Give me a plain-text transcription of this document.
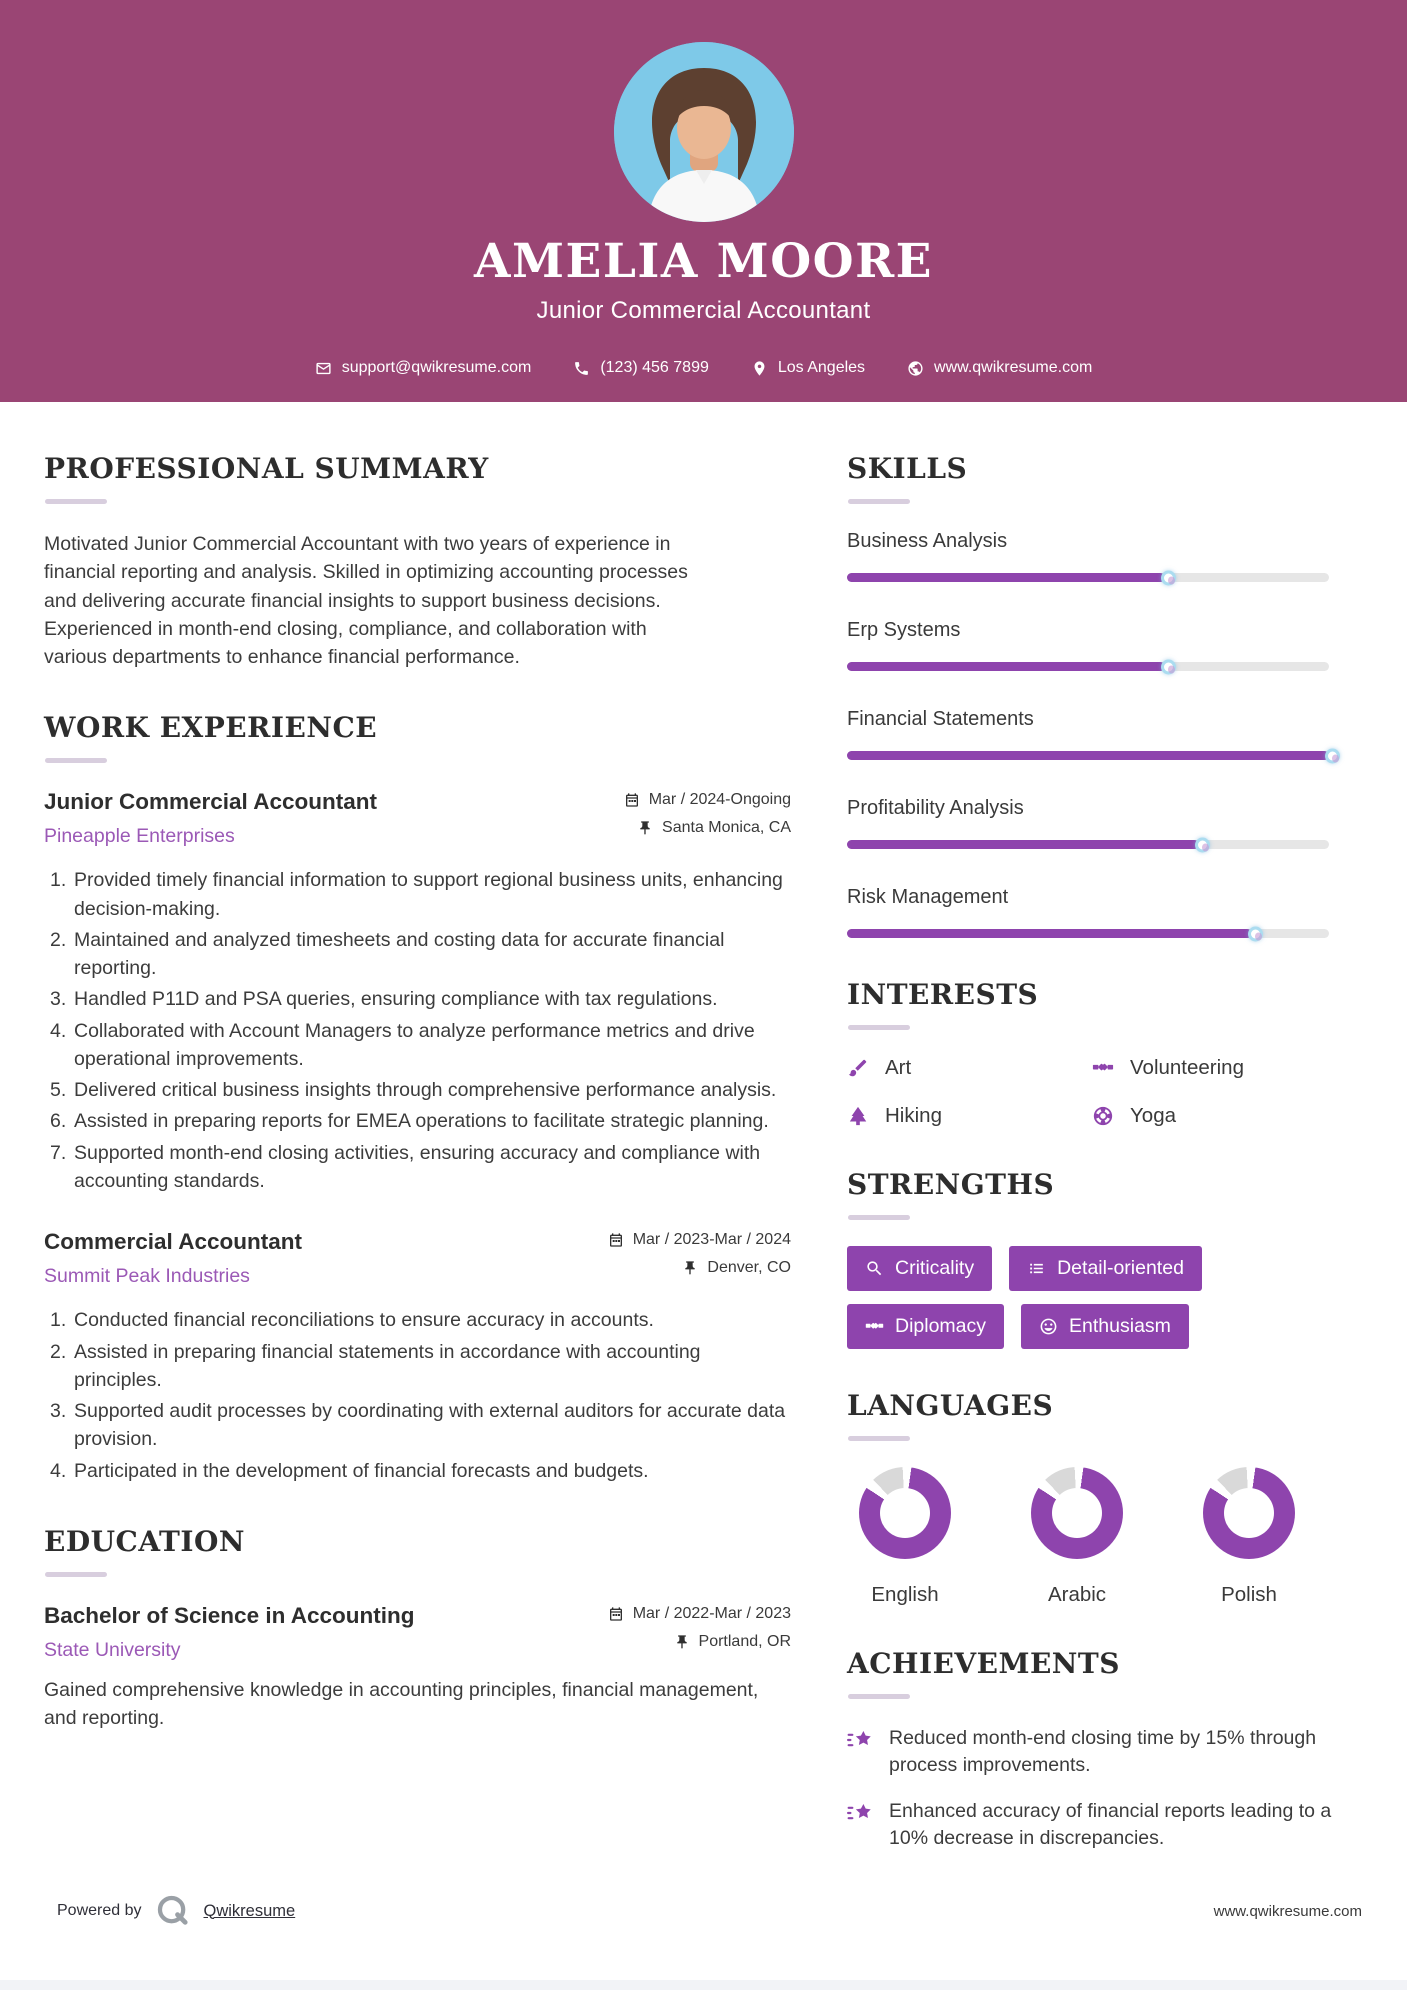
AMELIA MOORE
Junior Commercial Accountant
support@qwikresume.com	(123) 456 7899	Los Angeles	www.qwikresume.com
PROFESSIONAL SUMMARY

Motivated Junior Commercial Accountant with two years of experience in financial reporting and analysis. Skilled in optimizing accounting processes and delivering accurate financial insights to support business decisions. Experienced in month-end closing, compliance, and collaboration with various departments to enhance financial performance.

WORK EXPERIENCE
Junior Commercial Accountant
Pineapple Enterprises
Mar / 2024-Ongoing
Santa Monica, CA
Provided timely financial information to support regional business units, enhancing decision-making.
Maintained and analyzed timesheets and costing data for accurate financial reporting.
Handled P11D and PSA queries, ensuring compliance with tax regulations.
Collaborated with Account Managers to analyze performance metrics and drive operational improvements.
Delivered critical business insights through comprehensive performance analysis.
Assisted in preparing reports for EMEA operations to facilitate strategic planning.
Supported month-end closing activities, ensuring accuracy and compliance with accounting standards.
Commercial Accountant
Summit Peak Industries
Mar / 2023-Mar / 2024
Denver, CO
Conducted financial reconciliations to ensure accuracy in accounts.
Assisted in preparing financial statements in accordance with accounting principles.
Supported audit processes by coordinating with external auditors for accurate data provision.
Participated in the development of financial forecasts and budgets.
EDUCATION
Bachelor of Science in Accounting
State University
Mar / 2022-Mar / 2023
Portland, OR

Gained comprehensive knowledge in accounting principles, financial management, and reporting.

SKILLS
Business Analysis
Erp Systems
Financial Statements
Profitability Analysis
Risk Management
INTERESTS
Art	Volunteering
Hiking	Yoga
STRENGTHS
Criticality	Detail-oriented
Diplomacy	Enthusiasm
LANGUAGES
English	Arabic	Polish
ACHIEVEMENTS
Reduced month-end closing time by 15% through process improvements.
Enhanced accuracy of financial reports leading to a 10% decrease in discrepancies.
Powered by	Qwikresume	www.qwikresume.com
